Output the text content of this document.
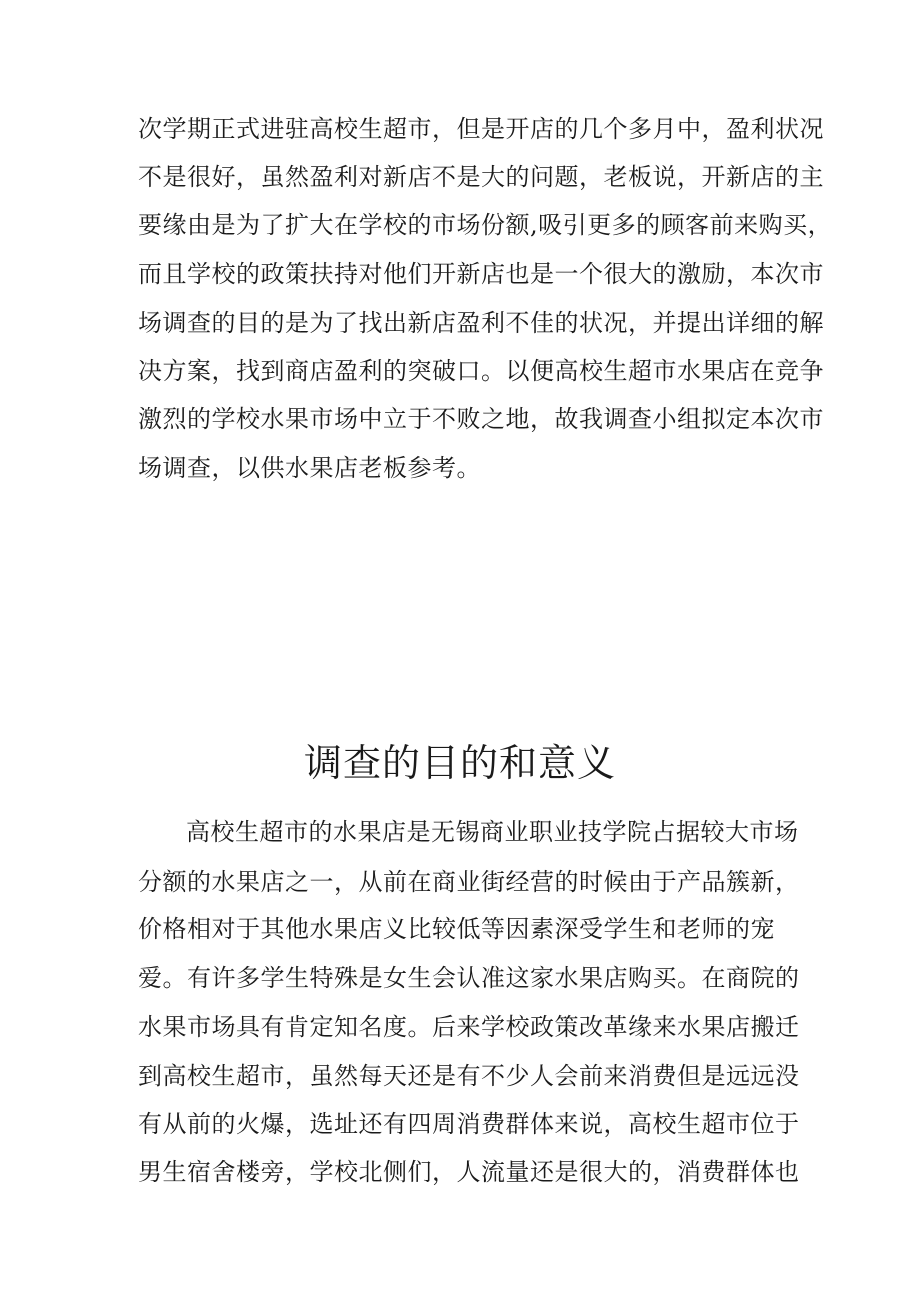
次学期正式进驻高校生超市，但是开店的几个多月中，盈利状况
不是很好，虽然盈利对新店不是大的问题，老板说，开新店的主
要缘由是为了扩大在学校的市场份额,吸引更多的顾客前来购买，
而且学校的政策扶持对他们开新店也是一个很大的激励，本次市
场调查的目的是为了找出新店盈利不佳的状况，并提出详细的解
决方案，找到商店盈利的突破口。以便高校生超市水果店在竞争
激烈的学校水果市场中立于不败之地，故我调查小组拟定本次市
场调查，以供水果店老板参考。
调查的目的和意义
高校生超市的水果店是无锡商业职业技学院占据较大市场
分额的水果店之一，从前在商业街经营的时候由于产品簇新，
价格相对于其他水果店义比较低等因素深受学生和老师的宠
爱。有许多学生特殊是女生会认准这家水果店购买。在商院的
水果市场具有肯定知名度。后来学校政策改革缘来水果店搬迁
到高校生超市，虽然每天还是有不少人会前来消费但是远远没
有从前的火爆，选址还有四周消费群体来说，高校生超市位于
男生宿舍楼旁，学校北侧们，人流量还是很大的，消费群体也
